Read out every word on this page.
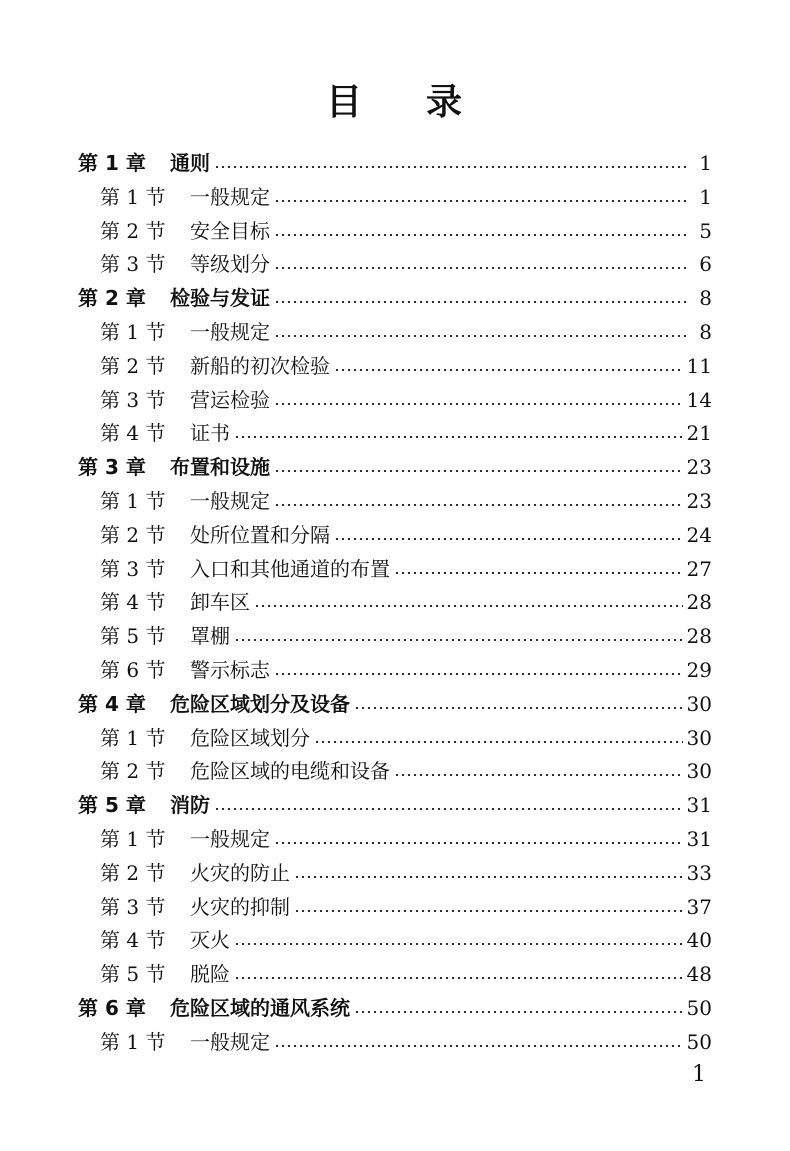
目 录
第 1 章 通则	1
第 1 节 一般规定	1
第 2 节 安全目标	5
第 3 节 等级划分	6
第 2 章 检验与发证	8
第 1 节 一般规定	8
第 2 节 新船的初次检验	11
第 3 节 营运检验	14
第 4 节 证书	21
第 3 章 布置和设施	23
第 1 节 一般规定	23
第 2 节 处所位置和分隔	24
第 3 节 入口和其他通道的布置	27
第 4 节 卸车区	28
第 5 节 罩棚	28
第 6 节 警示标志	29
第 4 章 危险区域划分及设备	30
第 1 节 危险区域划分	30
第 2 节 危险区域的电缆和设备	30
第 5 章 消防	31
第 1 节 一般规定	31
第 2 节 火灾的防止	33
第 3 节 火灾的抑制	37
第 4 节 灭火	40
第 5 节 脱险	48
第 6 章 危险区域的通风系统	50
第 1 节 一般规定	50
1
